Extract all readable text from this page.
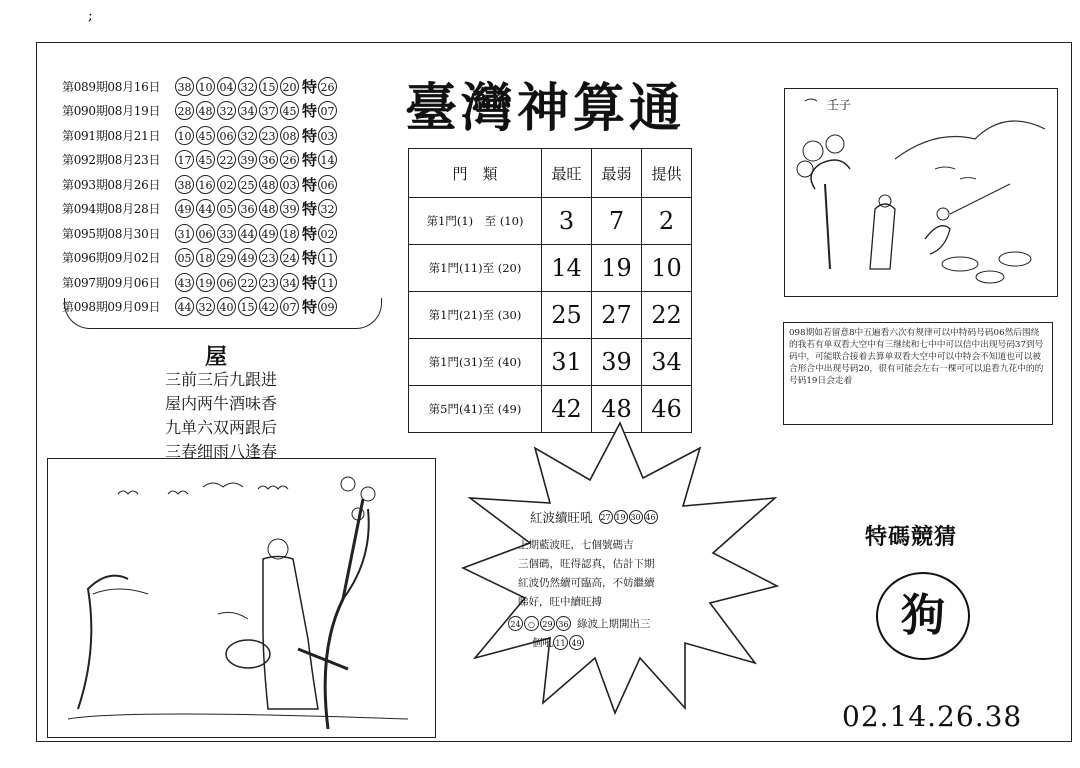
;
第089期08月16日	38 10 04 32 15 20 特 26
第090期08月19日	28 48 32 34 37 45 特 07
第091期08月21日	10 45 06 32 23 08 特 03
第092期08月23日	17 45 22 39 36 26 特 14
第093期08月26日	38 16 02 25 48 03 特 06
第094期08月28日	49 44 05 36 48 39 特 32
第095期08月30日	31 06 33 44 49 18 特 02
第096期09月02日	05 18 29 49 23 24 特 11
第097期09月06日	43 19 06 22 23 34 特 11
第098期09月09日	44 32 40 15 42 07 特 09
臺灣神算通
門　類	最旺	最弱	提供
第1門(1)　至 (10)	3	7	2
第1門(11)至 (20)	14	19	10
第1門(21)至 (30)	25	27	22
第1門(31)至 (40)	31	39	34
第5門(41)至 (49)	42	48	46
屋
三前三后九跟进
屋内两牛酒味香
九单六双两跟后
三春细雨八逢春
壬子
098期如若留意8中五遍看六次有规律可以中特码号码06然后围绕的我若有单双看大空中有三继续和七中中可以信中出现号码37到号码中，可能联合接着去算单双看大空中可以中特会不知道也可以被合形合中出现号码20，很有可能会左右一棵可可以追看九花中的的号码19日会走着
紅波續旺吼 27 19 30 46
上期藍波旺，七個號碼吉
三個碼，旺得認真，估計下期
紅波仍然續可臨高，不妨繼續
睇好，旺中續旺搏
24 ○ 29 36 綠波上期開出三
個吼 11 49
特碼競猜
狗
02.14.26.38
